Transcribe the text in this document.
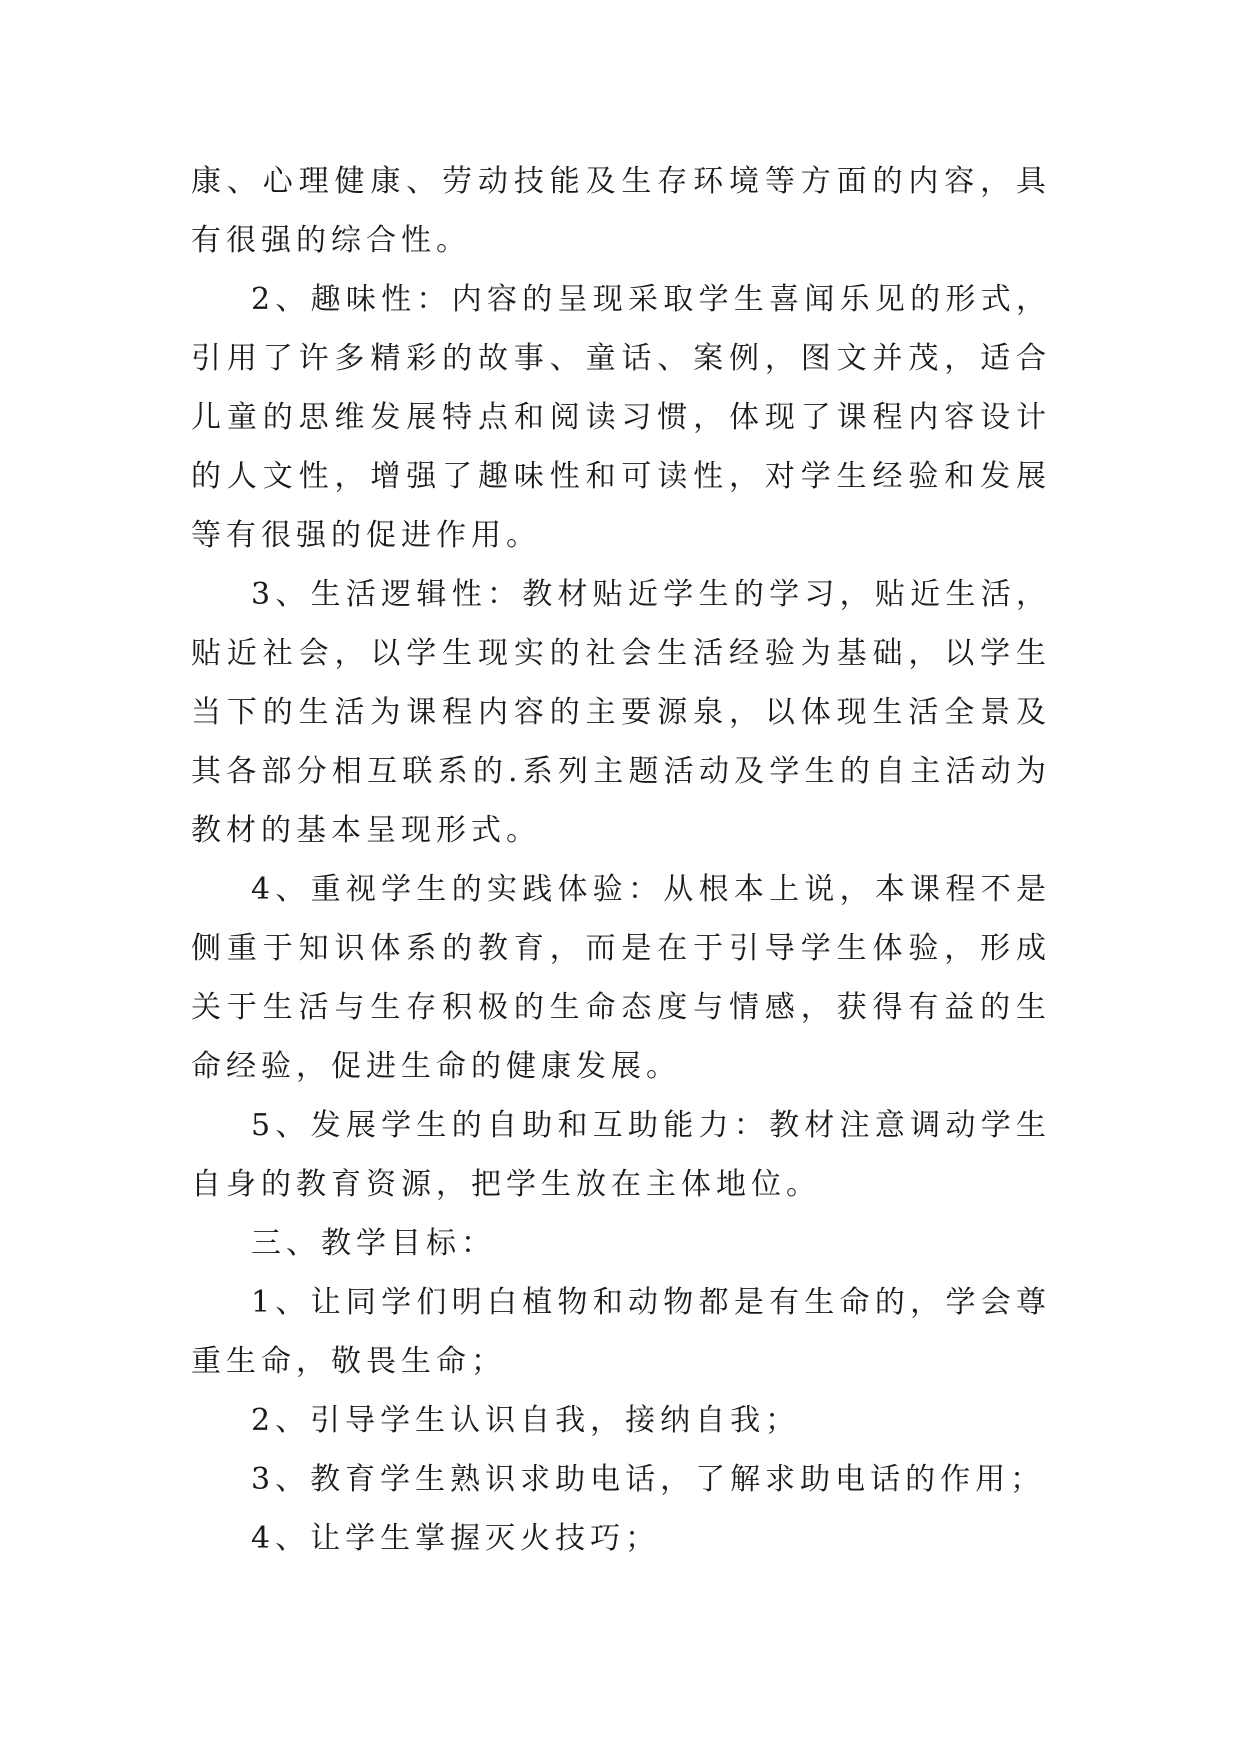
康、心理健康、劳动技能及生存环境等方面的内容，具有很强的综合性。

2、趣味性：内容的呈现采取学生喜闻乐见的形式，引用了许多精彩的故事、童话、案例，图文并茂，适合儿童的思维发展特点和阅读习惯，体现了课程内容设计的人文性，增强了趣味性和可读性，对学生经验和发展等有很强的促进作用。

3、生活逻辑性：教材贴近学生的学习，贴近生活，贴近社会，以学生现实的社会生活经验为基础，以学生当下的生活为课程内容的主要源泉，以体现生活全景及其各部分相互联系的.系列主题活动及学生的自主活动为教材的基本呈现形式。

4、重视学生的实践体验：从根本上说，本课程不是侧重于知识体系的教育，而是在于引导学生体验，形成关于生活与生存积极的生命态度与情感，获得有益的生命经验，促进生命的健康发展。

5、发展学生的自助和互助能力：教材注意调动学生自身的教育资源，把学生放在主体地位。

三、教学目标：

1、让同学们明白植物和动物都是有生命的，学会尊重生命，敬畏生命；

2、引导学生认识自我，接纳自我；

3、教育学生熟识求助电话，了解求助电话的作用；

4、让学生掌握灭火技巧；
